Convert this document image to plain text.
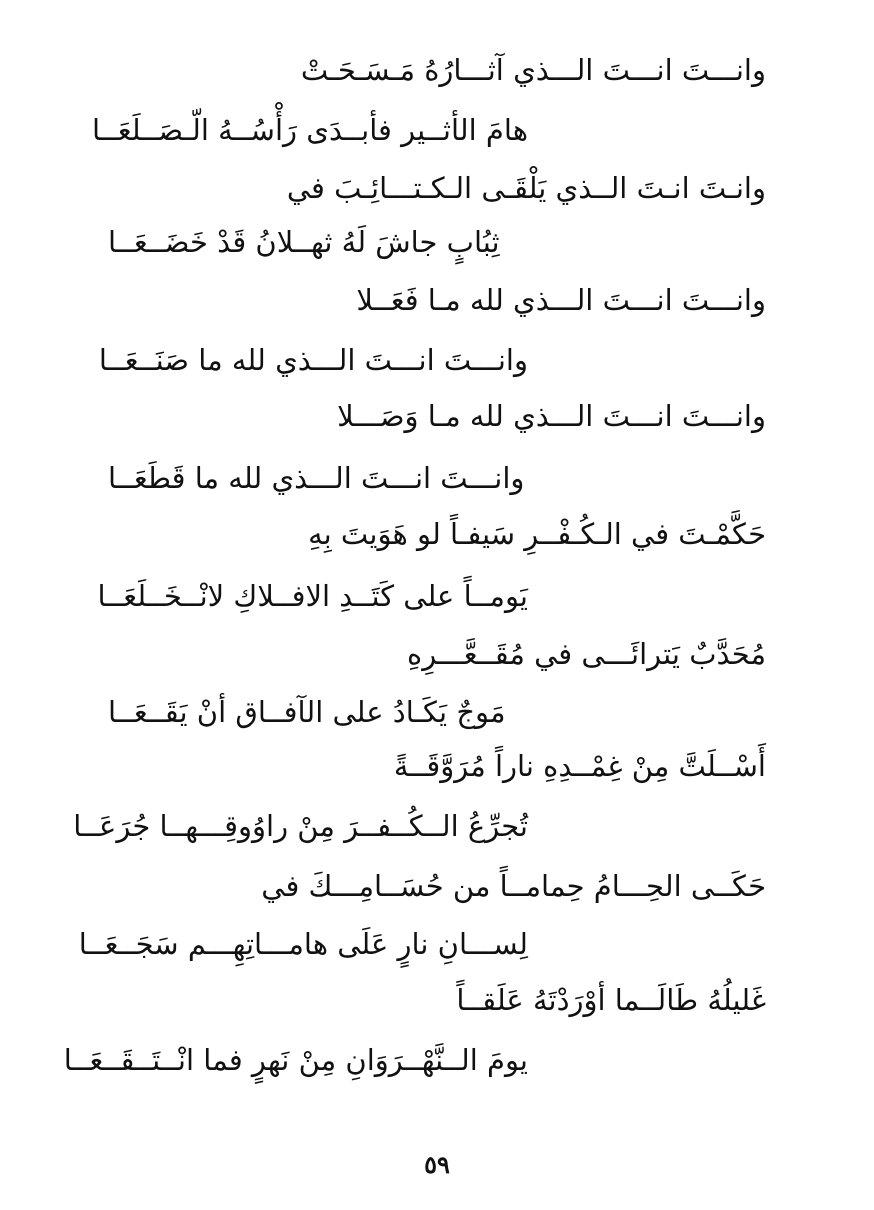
وانـــتَ انـــتَ الـــذي آثـــارُهُ مَـسَـحَـتْ
هامَ الأثــير فأبــدَى رَأْسُــهُ الّـصَــلَعَــا
وانـتَ انـتَ الــذي يَلْقَـى الـكـتـــائِـبَ في
ثِبُابٍ جاشَ لَهُ ثهــلانُ قَدْ خَضَــعَــا
وانـــتَ انـــتَ الـــذي لله مـا فَعَــلا
وانـــتَ انـــتَ الـــذي لله ما صَنَــعَــا
وانـــتَ انـــتَ الـــذي لله مـا وَصَـــلا
وانـــتَ انـــتَ الـــذي لله ما قَطَعَــا
حَكَّمْـتَ في الـكُـفْــرِ سَيفـاً لو هَوَيتَ بِهِ
يَومــاً على كَتَــدِ الافــلاكِ لانْــخَــلَعَــا
مُحَدَّبٌ يَترائَـــى في مُقَــعَّـــرِهِ
مَوجٌ يَكَـادُ على الآفــاق أنْ يَقَــعَــا
أَسْــلَتَّ مِنْ غِمْــدِهِ ناراً مُرَوَّقَــةً
تُجرِّعُ الــكُــفــرَ مِنْ راوُوقِـــهــا جُرَعَــا
حَكَــى الحِـــامُ حِمامــاً من حُسَــامِـــكَ في
لِســـانِ نارٍ عَلَى هامـــاتِهِـــم سَجَــعَــا
غَليلُهُ طَالَــما أوْرَدْتَهُ عَلَقــاً
يومَ الــنَّهْــرَوَانِ مِنْ نَهرٍ فما انْــتَــقَــعَــا
٥٩
